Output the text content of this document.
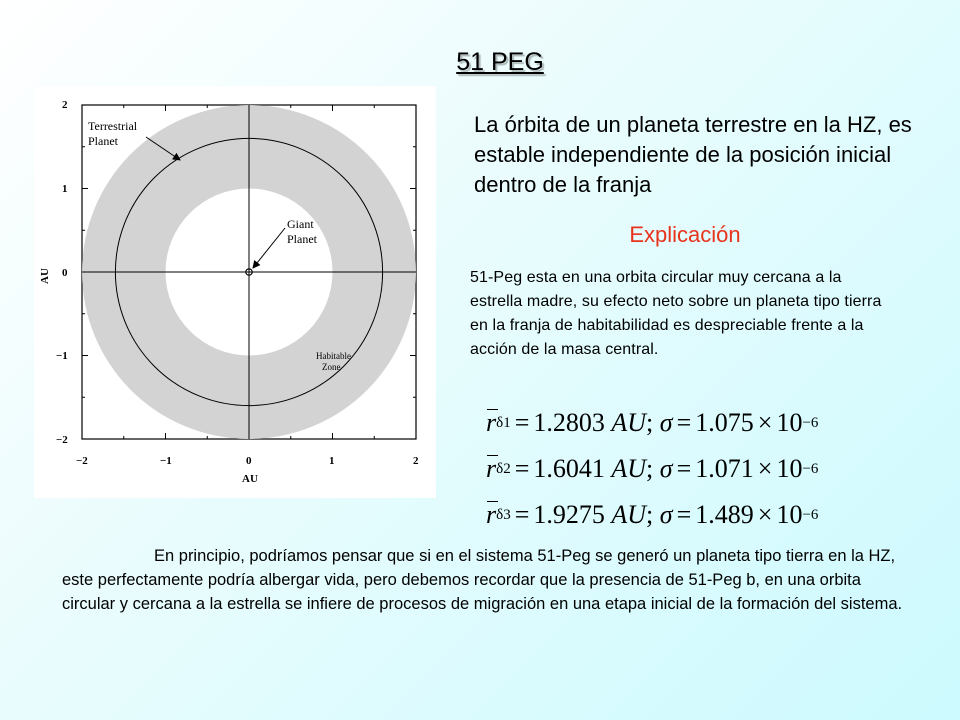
51 PEG
2
1
0
−1
−2
−2	−1	0	1	2
AU
AU
Terrestrial
Planet
Giant
Planet
Habitable
Zone
La órbita de un planeta terrestre en la HZ, es estable independiente de la posición inicial dentro de la franja
Explicación
51-Peg esta en una orbita circular muy cercana a la estrella madre, su efecto neto sobre un planeta tipo tierra en la franja de habitabilidad es despreciable frente a la acción de la masa central.
r δ1 = 1.2803
AU ; σ = 1.075 × 10 −6
r δ2 = 1.6041
AU ; σ = 1.071 × 10 −6
r δ3 = 1.9275
AU ; σ = 1.489 × 10 −6
En principio, podríamos pensar que si en el sistema 51-Peg se generó un planeta tipo tierra en la HZ, este perfectamente podría albergar vida, pero debemos recordar que la presencia de 51-Peg b, en una orbita circular y cercana a la estrella se infiere de procesos de migración en una etapa inicial de la formación del sistema.
